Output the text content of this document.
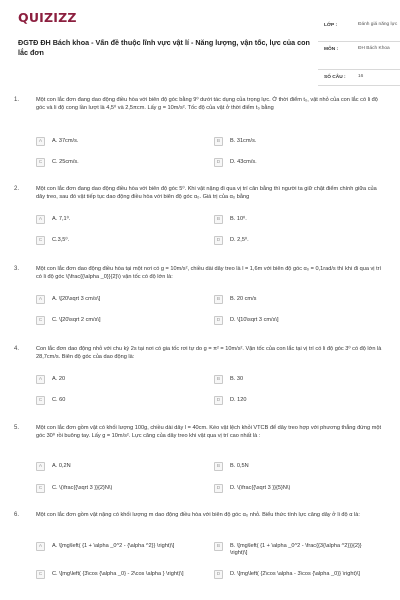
QUIZIZZ
ĐGTĐ ĐH Bách khoa - Vấn đề thuộc lĩnh vực vật lí - Năng lượng, vận tốc, lực của con lắc đơn
LỚP :	Đánh giá năng lực
MÔN :	ĐH Bách Khoa
SỐ CÂU :	16
1.	Một con lắc đơn đang dao động điều hòa với biên độ góc bằng 9⁰ dưới tác dụng của trọng lực. Ở thời điểm t₀, vật nhỏ của con lắc có li độ góc và li độ cong lần lượt là 4,5⁰ và 2,5πcm. Lấy g = 10m/s². Tốc độ của vật ở thời điểm t₀ bằng
A	A. 37cm/s.	B	B. 31cm/s.
C	C. 25cm/s.	D	D. 43cm/s.
2.	Một con lắc đơn đang dao động điều hòa với biên độ góc 5⁰. Khi vật nặng đi qua vị trí cân bằng thì người ta giữ chặt điểm chính giữa của dây treo, sau đó vật tiếp tục dao động điều hòa với biên độ góc α₀. Giá trị của α₀ bằng
A	A. 7,1⁰.	B	B. 10⁰.
C	C.3,5⁰.	D	D. 2,5⁰.
3.	Một con lắc đơn dao động điều hòa tại một nơi có g = 10m/s², chiều dài dây treo là l = 1,6m với biên độ góc α₀ = 0,1rad/s thì khi đi qua vị trí có li độ góc \(\frac{{\alpha _0}}{2}\) vận tốc có độ lớn là:
A	A. \[20\sqrt 3 cm/s\]	B	B. 20 cm/s
C	C. \[20\sqrt 2 cm/s\]	D	D. \[10\sqrt 3 cm/s\]
4.	Con lắc đơn dao động nhỏ với chu kỳ 2s tại nơi có gia tốc rơi tự do g = π² = 10m/s². Vận tốc của con lắc tại vị trí có li độ góc 3⁰ có độ lớn là 28,7cm/s. Biên độ góc của dao động là:
A	A. 20	B	B. 30
C	C. 60	D	D. 120
5.	Một con lắc đơn gồm vật có khối lượng 100g, chiều dài dây l = 40cm. Kéo vật lệch khỏi VTCB để dây treo hợp với phương thẳng đứng một góc 30⁰ rồi buông tay. Lấy g = 10m/s². Lực căng của dây treo khi vật qua vị trí cao nhất là :
A	A. 0,2N	B	B. 0,5N
C	C. \(\frac{{\sqrt 3 }}{2}N\)	D	D. \(\frac{{\sqrt 3 }}{5}N\)
6.	Một con lắc đơn gồm vật nặng có khối lượng m dao động điều hòa với biên độ góc α₀ nhỏ. Biểu thức tính lực căng dây ở li độ α là:
A	A. \[mg\left( {1 + \alpha _0^2 - {\alpha ^2}} \right)\]	B	B. \[mg\left( {1 + \alpha _0^2 - \frac{{3{\alpha ^2}}}{2}} \right)\]
C	C. \[mg\left( {3\cos {\alpha _0} - 2\cos \alpha } \right)\]	D	D. \[mg\left( {2\cos \alpha - 3\cos {\alpha _0}} \right)\]
